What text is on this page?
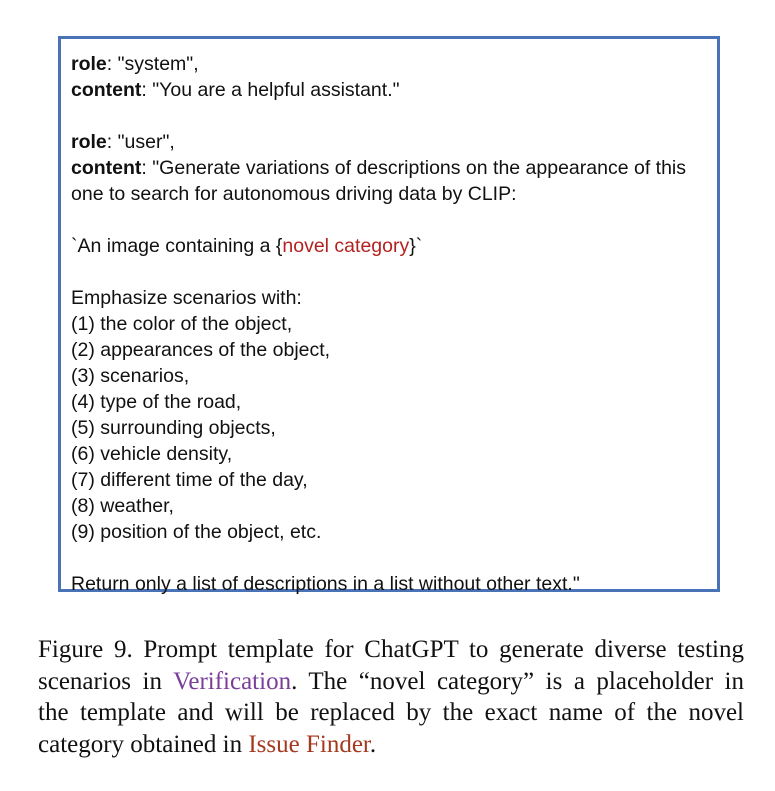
role: "system",
content: "You are a helpful assistant."
role: "user",
content: "Generate variations of descriptions on the appearance of this
one to search for autonomous driving data by CLIP:
`An image containing a {novel category}`
Emphasize scenarios with:
(1) the color of the object,
(2) appearances of the object,
(3) scenarios,
(4) type of the road,
(5) surrounding objects,
(6) vehicle density,
(7) different time of the day,
(8) weather,
(9) position of the object, etc.
Return only a list of descriptions in a list without other text."
Figure 9. Prompt template for ChatGPT to generate diverse testing
scenarios in Verification. The “novel category” is a placeholder in
the template and will be replaced by the exact name of the novel
category obtained in Issue Finder.
